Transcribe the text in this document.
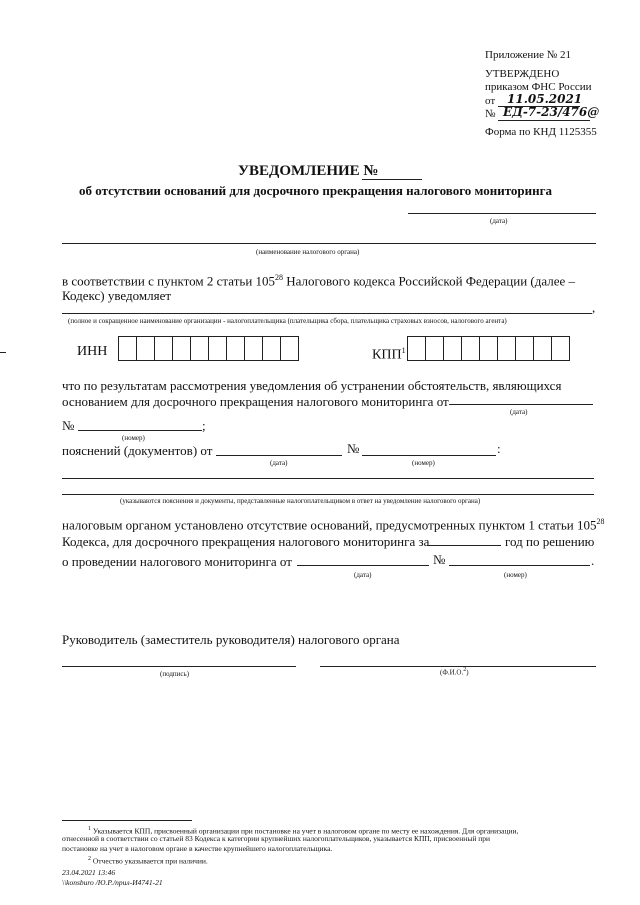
Приложение № 21
УТВЕРЖДЕНО
приказом ФНС России
от 11.05.2021
№ ЕД-7-23/476@
Форма по КНД 1125355
УВЕДОМЛЕНИЕ №
об отсутствии оснований для досрочного прекращения налогового мониторинга
(дата)
(наименование налогового органа)
в соответствии с пунктом 2 статьи $105^{28}$ Налогового кодекса Российской Федерации (далее –
Кодекс) уведомляет
,
(полное и сокращенное наименование организации - налогоплательщика (плательщика сбора, плательщика страховых взносов, налогового агента)
ИНН	КПП$^1$
что по результатам рассмотрения уведомления об устранении обстоятельств, являющихся
основанием для досрочного прекращения налогового мониторинга от
(дата)
№	;
(номер)
пояснений (документов) от	№	:
(дата)	(номер)
(указываются пояснения и документы, представленные налогоплательщиком в ответ на уведомление налогового органа)
налоговым органом установлено отсутствие оснований, предусмотренных пунктом 1 статьи $105^{28}$
Кодекса, для досрочного прекращения налогового мониторинга за	год по решению
о проведении налогового мониторинга от	№	.
(дата)	(номер)
Руководитель (заместитель руководителя) налогового органа
(подпись)	(Ф.И.О.$^2$)
$^1$ Указывается КПП, присвоенный организации при постановке на учет в налоговом органе по месту ее нахождения. Для организации,
отнесенной в соответствии со статьей 83 Кодекса к категории крупнейших налогоплательщиков, указывается КПП, присвоенный при
постановке на учет в налоговом органе в качестве крупнейшего налогоплательщика.
$^2$ Отчество указывается при наличии.
23.04.2021 13:46
\\konsburo /Ю.Р./прил-И4741-21
